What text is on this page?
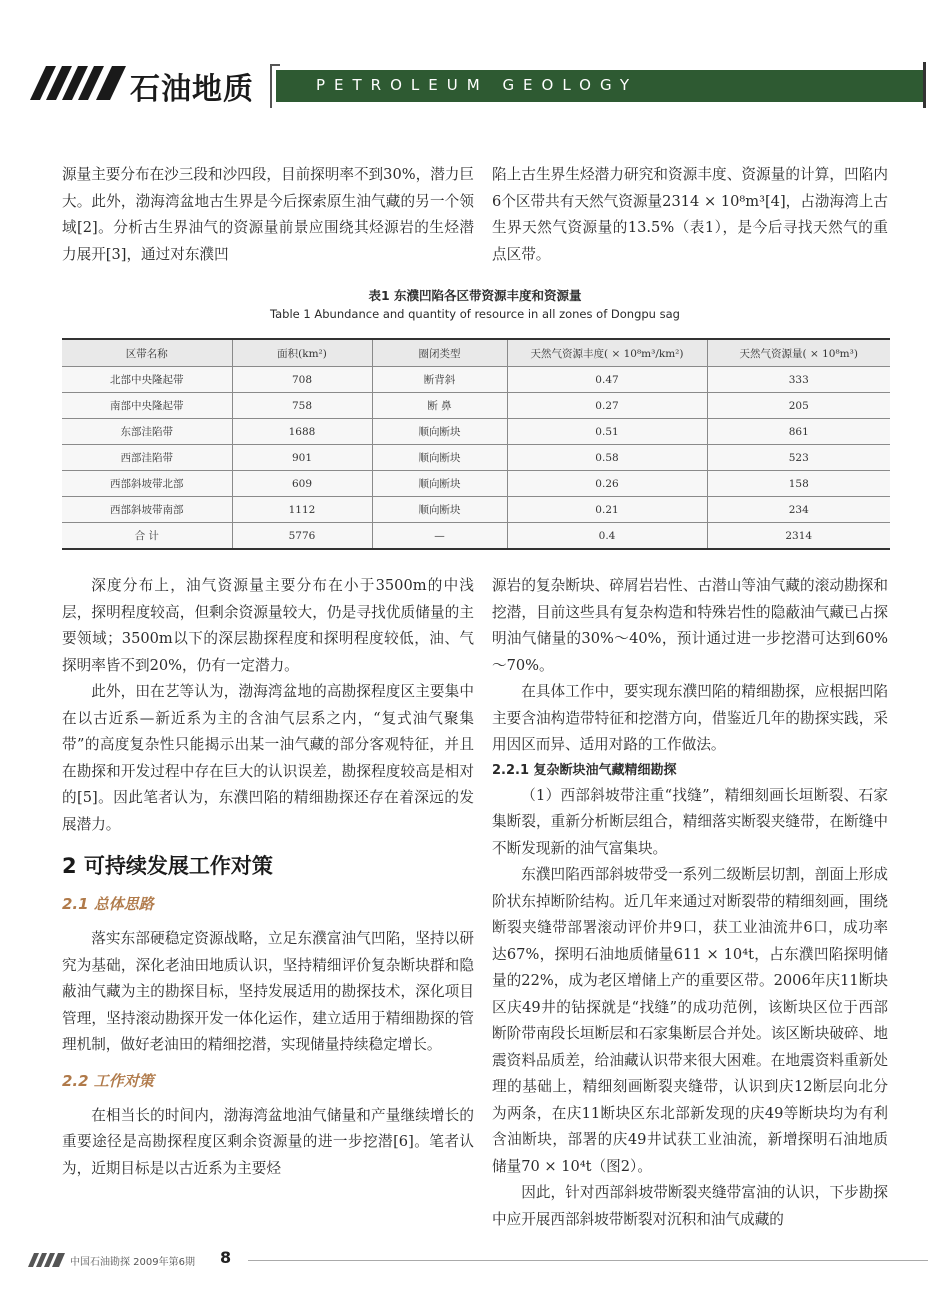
石油地质	PETROLEUM GEOLOGY

源量主要分布在沙三段和沙四段，目前探明率不到30%，潜力巨大。此外，渤海湾盆地古生界是今后探索原生油气藏的另一个领域[2]。分析古生界油气的资源量前景应围绕其烃源岩的生烃潜力展开[3]，通过对东濮凹

陷上古生界生烃潜力研究和资源丰度、资源量的计算，凹陷内6个区带共有天然气资源量2314 × 10⁸m³[4]，占渤海湾上古生界天然气资源量的13.5%（表1），是今后寻找天然气的重点区带。

表1 东濮凹陷各区带资源丰度和资源量
Table 1 Abundance and quantity of resource in all zones of Dongpu sag
区带名称	面积(km²)	圈闭类型	天然气资源丰度( × 10⁸m³/km²)	天然气资源量( × 10⁸m³)
北部中央隆起带	708	断背斜	0.47	333
南部中央隆起带	758	断 鼻	0.27	205
东部洼陷带	1688	顺向断块	0.51	861
西部洼陷带	901	顺向断块	0.58	523
西部斜坡带北部	609	顺向断块	0.26	158
西部斜坡带南部	1112	顺向断块	0.21	234
合 计	5776	—	0.4	2314

深度分布上，油气资源量主要分布在小于3500m的中浅层，探明程度较高，但剩余资源量较大，仍是寻找优质储量的主要领域；3500m以下的深层勘探程度和探明程度较低，油、气探明率皆不到20%，仍有一定潜力。

此外，田在艺等认为，渤海湾盆地的高勘探程度区主要集中在以古近系—新近系为主的含油气层系之内，“复式油气聚集带”的高度复杂性只能揭示出某一油气藏的部分客观特征，并且在勘探和开发过程中存在巨大的认识误差，勘探程度较高是相对的[5]。因此笔者认为，东濮凹陷的精细勘探还存在着深远的发展潜力。

2 可持续发展工作对策
2.1 总体思路

落实东部硬稳定资源战略，立足东濮富油气凹陷，坚持以研究为基础，深化老油田地质认识，坚持精细评价复杂断块群和隐蔽油气藏为主的勘探目标，坚持发展适用的勘探技术，深化项目管理，坚持滚动勘探开发一体化运作，建立适用于精细勘探的管理机制，做好老油田的精细挖潜，实现储量持续稳定增长。

2.2 工作对策

在相当长的时间内，渤海湾盆地油气储量和产量继续增长的重要途径是高勘探程度区剩余资源量的进一步挖潜[6]。笔者认为，近期目标是以古近系为主要烃

源岩的复杂断块、碎屑岩岩性、古潜山等油气藏的滚动勘探和挖潜，目前这些具有复杂构造和特殊岩性的隐蔽油气藏已占探明油气储量的30%～40%，预计通过进一步挖潜可达到60%～70%。

在具体工作中，要实现东濮凹陷的精细勘探，应根据凹陷主要含油构造带特征和挖潜方向，借鉴近几年的勘探实践，采用因区而异、适用对路的工作做法。

2.2.1 复杂断块油气藏精细勘探

（1）西部斜坡带注重“找缝”，精细刻画长垣断裂、石家集断裂，重新分析断层组合，精细落实断裂夹缝带，在断缝中不断发现新的油气富集块。

东濮凹陷西部斜坡带受一系列二级断层切割，剖面上形成阶状东掉断阶结构。近几年来通过对断裂带的精细刻画，围绕断裂夹缝带部署滚动评价井9口，获工业油流井6口，成功率达67%，探明石油地质储量611 × 10⁴t，占东濮凹陷探明储量的22%，成为老区增储上产的重要区带。2006年庆11断块区庆49井的钻探就是“找缝”的成功范例，该断块区位于西部断阶带南段长垣断层和石家集断层合并处。该区断块破碎、地震资料品质差，给油藏认识带来很大困难。在地震资料重新处理的基础上，精细刻画断裂夹缝带，认识到庆12断层向北分为两条，在庆11断块区东北部新发现的庆49等断块均为有利含油断块，部署的庆49井试获工业油流，新增探明石油地质储量70 × 10⁴t（图2）。

因此，针对西部斜坡带断裂夹缝带富油的认识，下步勘探中应开展西部斜坡带断裂对沉积和油气成藏的

中国石油勘探 2009年第6期 8
